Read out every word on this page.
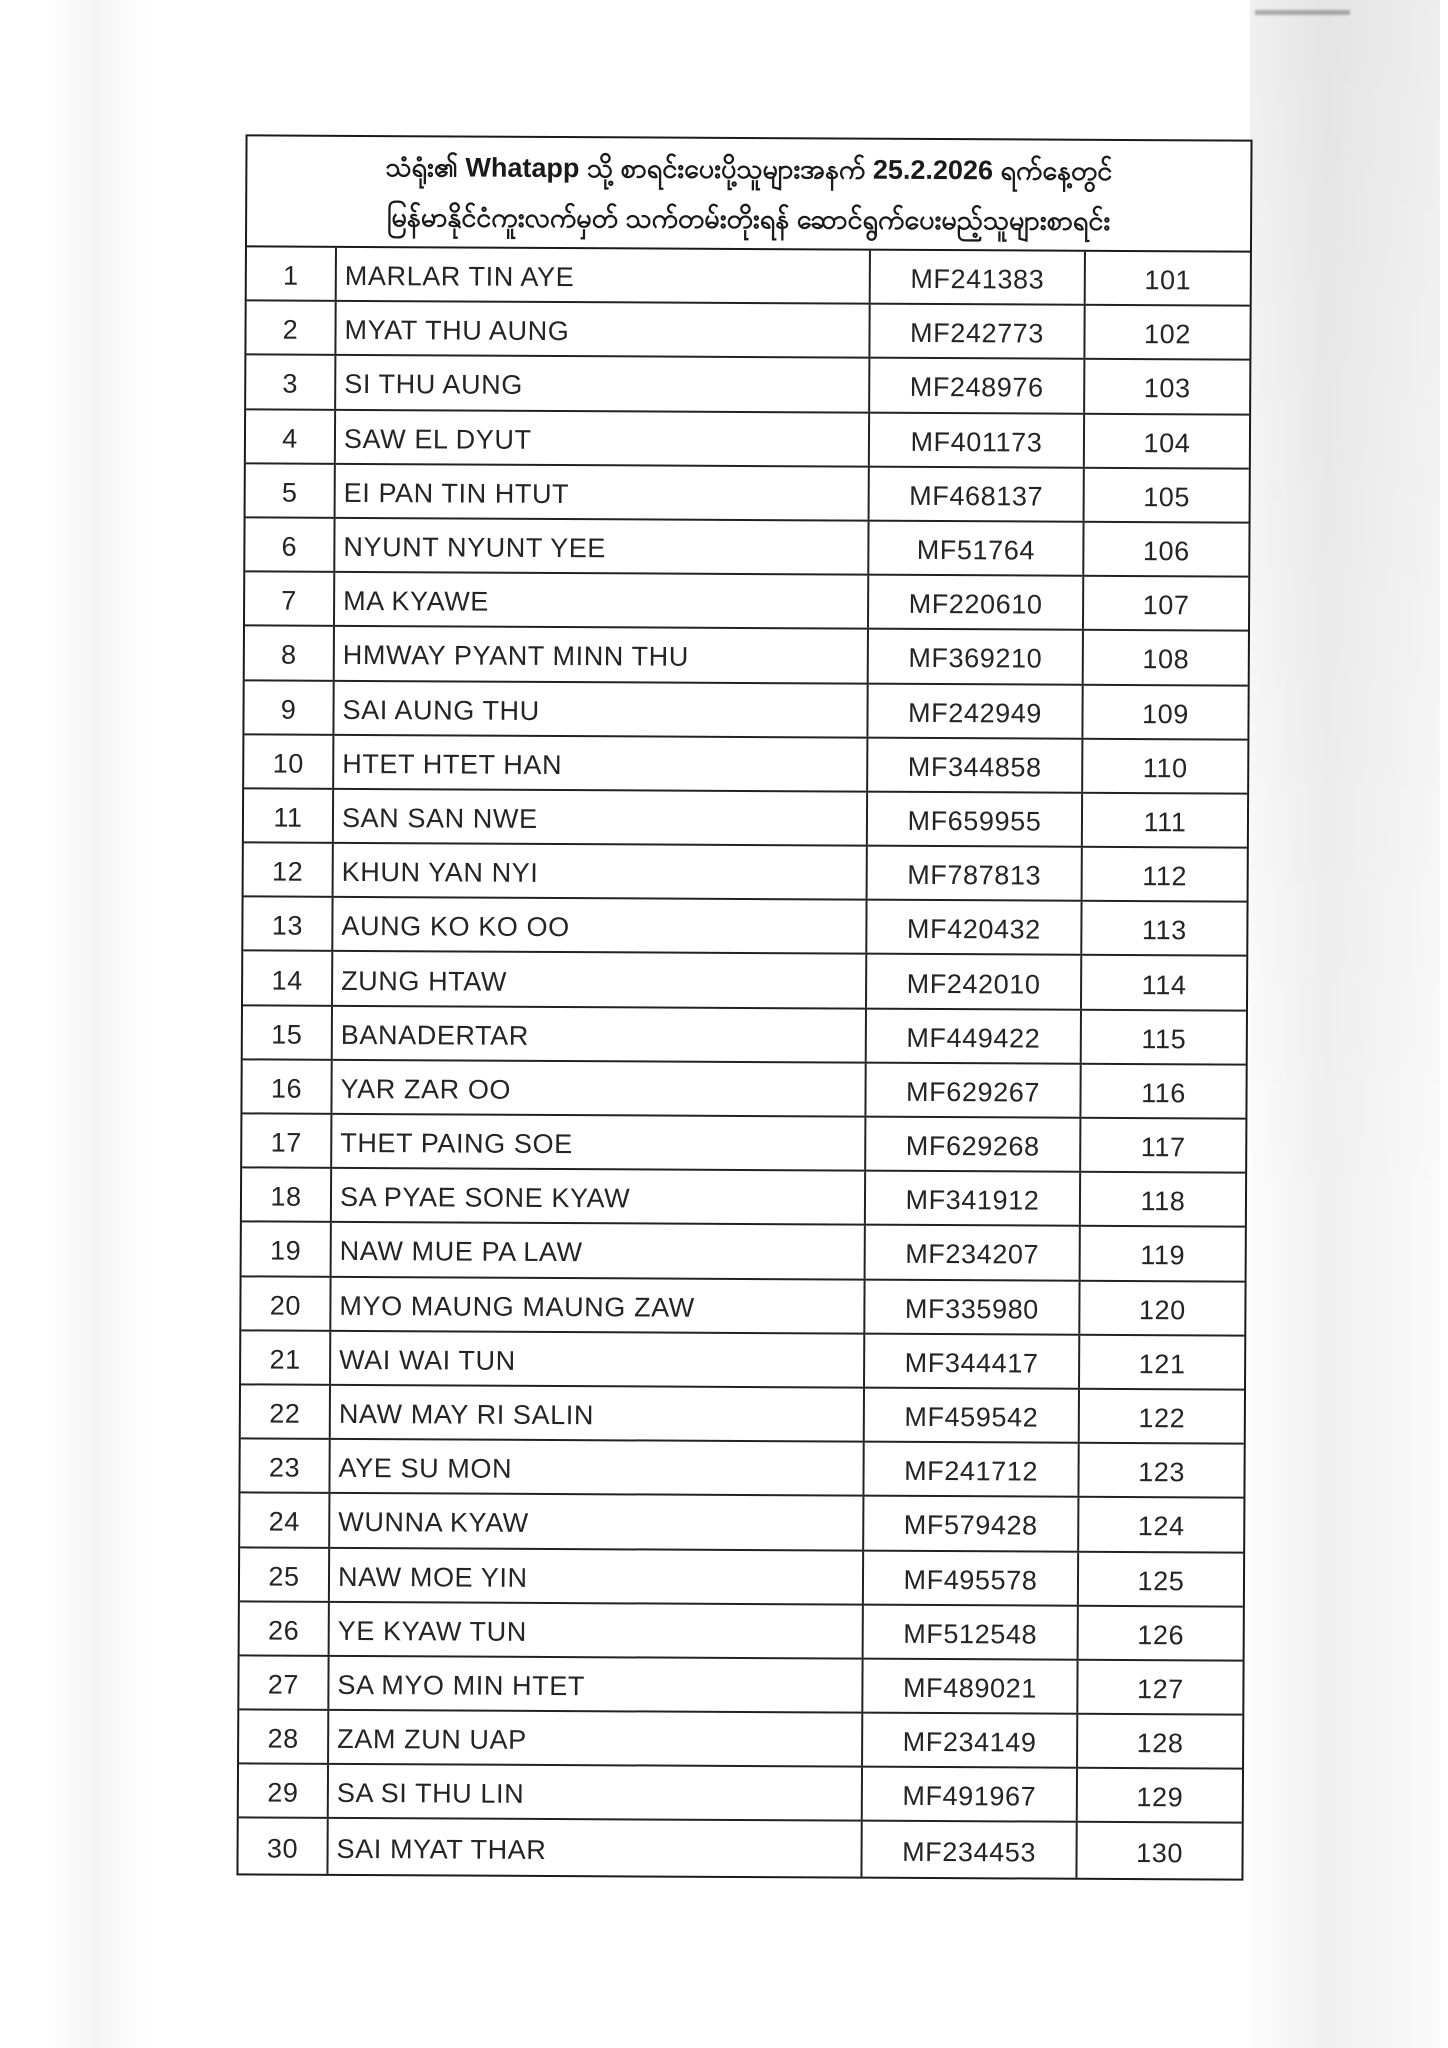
သံရုံး၏ Whatapp သို့ စာရင်းပေးပို့သူများအနက် 25.2.2026 ရက်နေ့တွင်
မြန်မာနိုင်ငံကူးလက်မှတ် သက်တမ်းတိုးရန် ဆောင်ရွက်ပေးမည့်သူများစာရင်း
1	MARLAR TIN AYE	MF241383	101
2	MYAT THU AUNG	MF242773	102
3	SI THU AUNG	MF248976	103
4	SAW EL DYUT	MF401173	104
5	EI PAN TIN HTUT	MF468137	105
6	NYUNT NYUNT YEE	MF51764	106
7	MA KYAWE	MF220610	107
8	HMWAY PYANT MINN THU	MF369210	108
9	SAI AUNG THU	MF242949	109
10	HTET HTET HAN	MF344858	110
11	SAN SAN NWE	MF659955	111
12	KHUN YAN NYI	MF787813	112
13	AUNG KO KO OO	MF420432	113
14	ZUNG HTAW	MF242010	114
15	BANADERTAR	MF449422	115
16	YAR ZAR OO	MF629267	116
17	THET PAING SOE	MF629268	117
18	SA PYAE SONE KYAW	MF341912	118
19	NAW MUE PA LAW	MF234207	119
20	MYO MAUNG MAUNG ZAW	MF335980	120
21	WAI WAI TUN	MF344417	121
22	NAW MAY RI SALIN	MF459542	122
23	AYE SU MON	MF241712	123
24	WUNNA KYAW	MF579428	124
25	NAW MOE YIN	MF495578	125
26	YE KYAW TUN	MF512548	126
27	SA MYO MIN HTET	MF489021	127
28	ZAM ZUN UAP	MF234149	128
29	SA SI THU LIN	MF491967	129
30	SAI MYAT THAR	MF234453	130
